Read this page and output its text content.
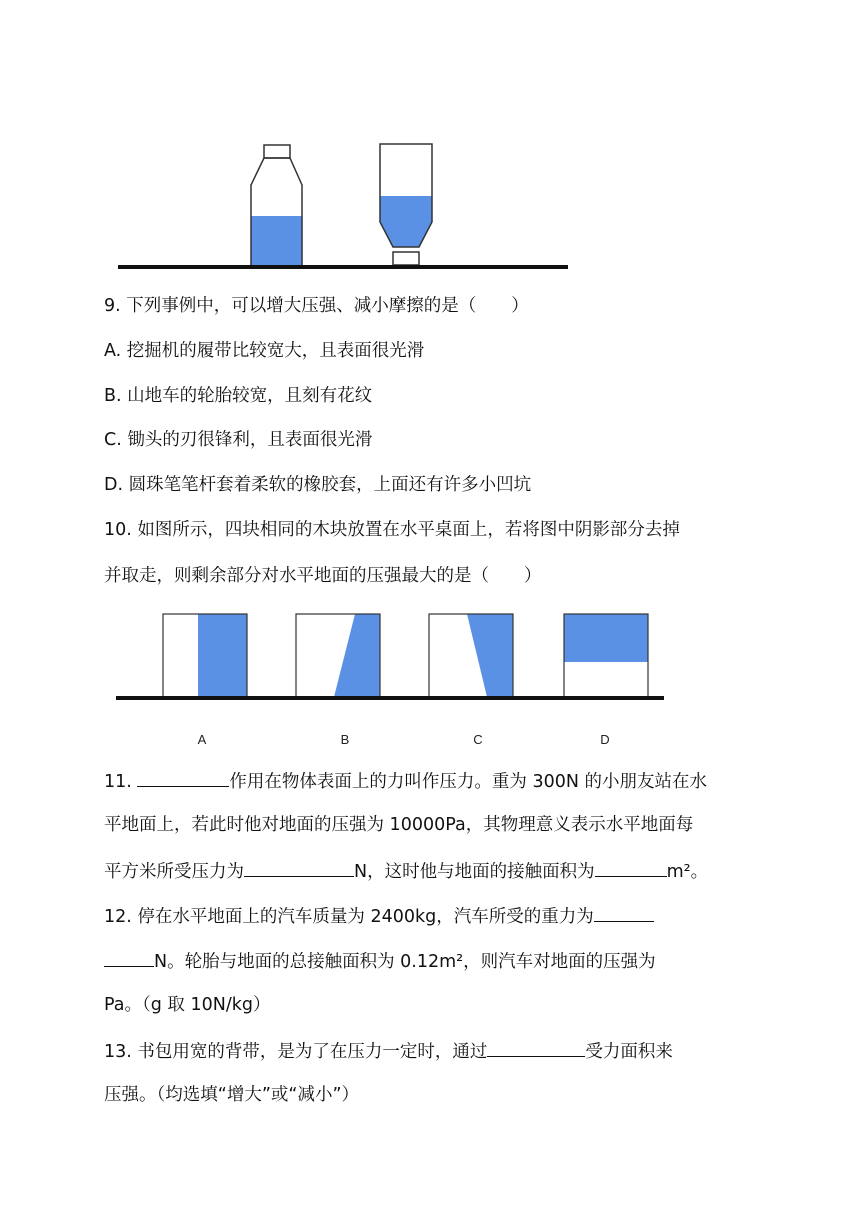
9. 下列事例中，可以增大压强、减小摩擦的是（　　）
A. 挖掘机的履带比较宽大，且表面很光滑
B. 山地车的轮胎较宽，且刻有花纹
C. 锄头的刃很锋利，且表面很光滑
D. 圆珠笔笔杆套着柔软的橡胶套，上面还有许多小凹坑
10. 如图所示，四块相同的木块放置在水平桌面上，若将图中阴影部分去掉
并取走，则剩余部分对水平地面的压强最大的是（　　）
A	B	C	D
11.	作用在物体表面上的力叫作压力。重为 300N 的小朋友站在水
平地面上，若此时他对地面的压强为 10000Pa，其物理意义表示水平地面每
平方米所受压力为	N，这时他与地面的接触面积为	m²。
12. 停在水平地面上的汽车质量为 2400kg，汽车所受的重力为
N。轮胎与地面的总接触面积为 0.12m²，则汽车对地面的压强为
Pa。（g 取 10N/kg）
13. 书包用宽的背带，是为了在压力一定时，通过	受力面积来
压强。（均选填“增大”或“减小”）
